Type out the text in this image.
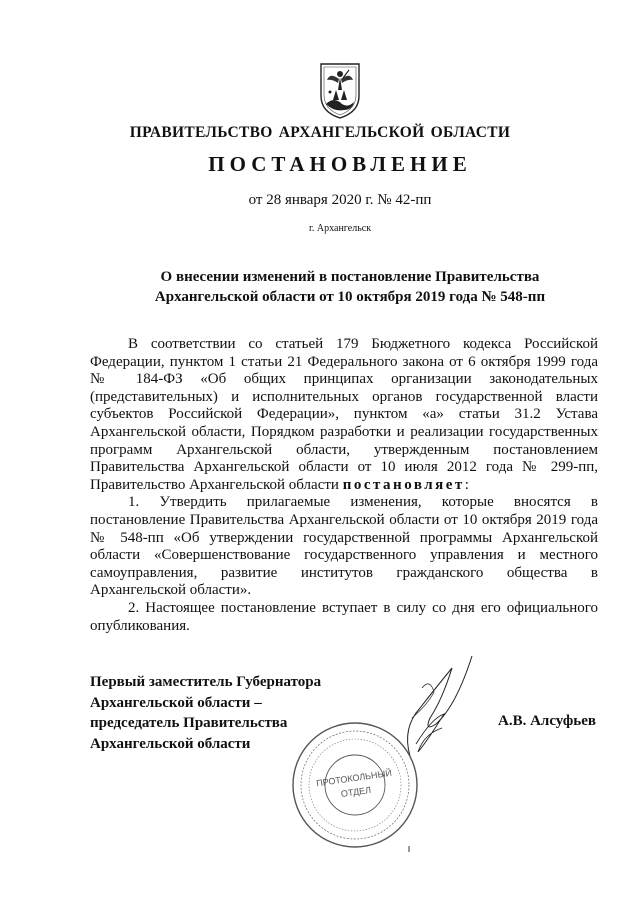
ПРАВИТЕЛЬСТВО АРХАНГЕЛЬСКОЙ ОБЛАСТИ
ПОСТАНОВЛЕНИЕ
от 28 января 2020 г. № 42-пп
г. Архангельск
О внесении изменений в постановление Правительства
Архангельской области от 10 октября 2019 года № 548-пп

В соответствии со статьей 179 Бюджетного кодекса Российской Федерации, пунктом 1 статьи 21 Федерального закона от 6 октября 1999 года № 184-ФЗ «Об общих принципах организации законодательных (представительных) и исполнительных органов государственной власти субъектов Российской Федерации», пунктом «а» статьи 31.2 Устава Архангельской области, Порядком разработки и реализации государственных программ Архангельской области, утвержденным постановлением Правительства Архангельской области от 10 июля 2012 года № 299-пп, Правительство Архангельской области постановляет:

1. Утвердить прилагаемые изменения, которые вносятся в постановление Правительства Архангельской области от 10 октября 2019 года № 548-пп «Об утверждении государственной программы Архангельской области «Совершенствование государственного управления и местного самоуправления, развитие институтов гражданского общества в Архангельской области».

2. Настоящее постановление вступает в силу со дня его официального опубликования.

Первый заместитель Губернатора
Архангельской области –
председатель Правительства
Архангельской области
А.В. Алсуфьев
ПРОТОКОЛЬНЫЙ
ОТДЕЛ
